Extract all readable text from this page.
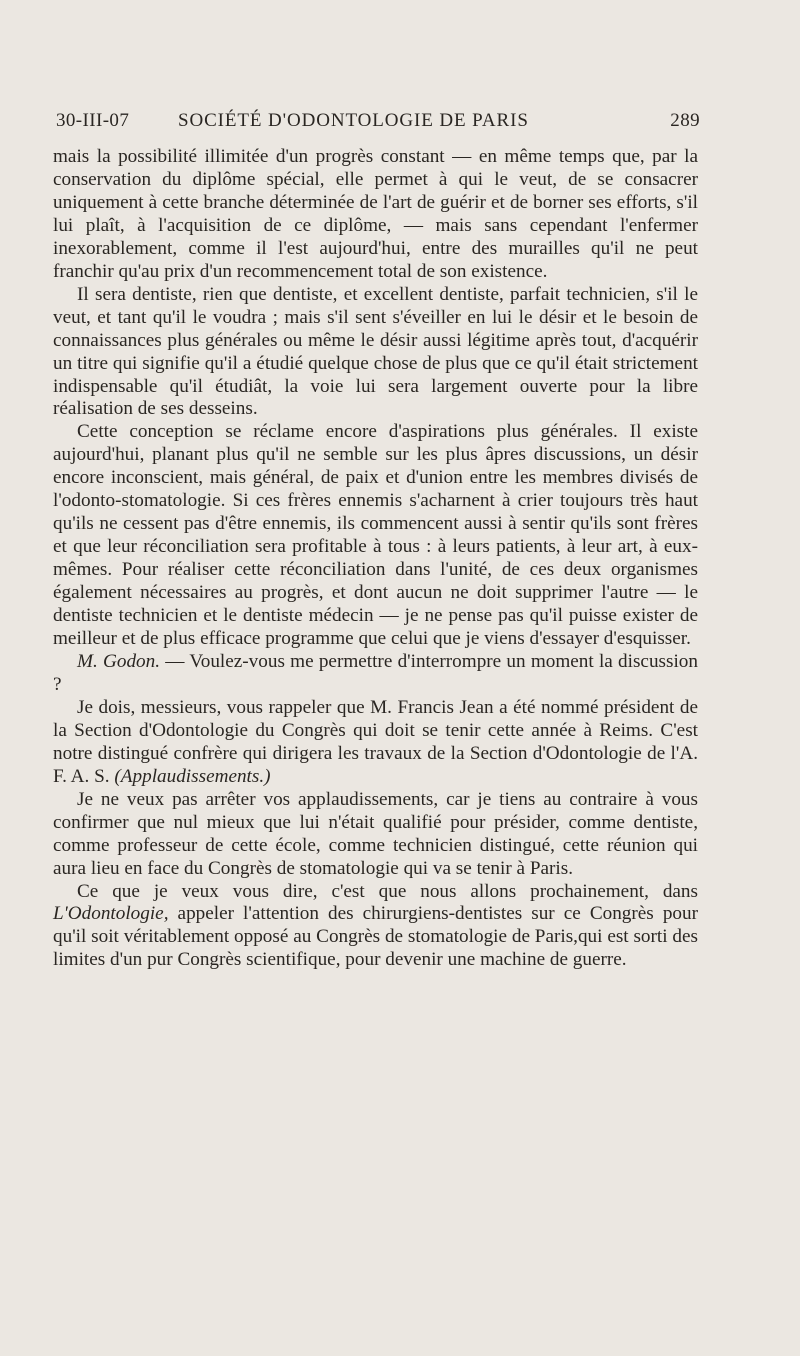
30-III-07	SOCIÉTÉ D'ODONTOLOGIE DE PARIS	289

mais la possibilité illimitée d'un progrès constant — en même temps que, par la conservation du diplôme spécial, elle permet à qui le veut, de se consacrer uniquement à cette branche déterminée de l'art de guérir et de borner ses efforts, s'il lui plaît, à l'acquisition de ce diplôme, — mais sans cependant l'enfermer inexorablement, comme il l'est aujourd'hui, entre des murailles qu'il ne peut franchir qu'au prix d'un recommencement total de son existence.

Il sera dentiste, rien que dentiste, et excellent dentiste, parfait technicien, s'il le veut, et tant qu'il le voudra ; mais s'il sent s'éveiller en lui le désir et le besoin de connaissances plus générales ou même le désir aussi légitime après tout, d'acquérir un titre qui signifie qu'il a étudié quelque chose de plus que ce qu'il était strictement indispensable qu'il étudiât, la voie lui sera largement ouverte pour la libre réalisation de ses desseins.

Cette conception se réclame encore d'aspirations plus générales. Il existe aujourd'hui, planant plus qu'il ne semble sur les plus âpres discussions, un désir encore inconscient, mais général, de paix et d'union entre les membres divisés de l'odonto-stomatologie. Si ces frères ennemis s'acharnent à crier toujours très haut qu'ils ne cessent pas d'être ennemis, ils commencent aussi à sentir qu'ils sont frères et que leur réconciliation sera profitable à tous : à leurs patients, à leur art, à eux-mêmes. Pour réaliser cette réconciliation dans l'unité, de ces deux organismes également nécessaires au progrès, et dont aucun ne doit supprimer l'autre — le dentiste technicien et le dentiste médecin — je ne pense pas qu'il puisse exister de meilleur et de plus efficace programme que celui que je viens d'essayer d'esquisser.

M. Godon. — Voulez-vous me permettre d'interrompre un moment la discussion ?

Je dois, messieurs, vous rappeler que M. Francis Jean a été nommé président de la Section d'Odontologie du Congrès qui doit se tenir cette année à Reims. C'est notre distingué confrère qui dirigera les travaux de la Section d'Odontologie de l'A. F. A. S. (Applaudissements.)

Je ne veux pas arrêter vos applaudissements, car je tiens au contraire à vous confirmer que nul mieux que lui n'était qualifié pour présider, comme dentiste, comme professeur de cette école, comme technicien distingué, cette réunion qui aura lieu en face du Congrès de stomatologie qui va se tenir à Paris.

Ce que je veux vous dire, c'est que nous allons prochainement, dans L'Odontologie, appeler l'attention des chirurgiens-dentistes sur ce Congrès pour qu'il soit véritablement opposé au Congrès de stomatologie de Paris,qui est sorti des limites d'un pur Congrès scientifique, pour devenir une machine de guerre.
